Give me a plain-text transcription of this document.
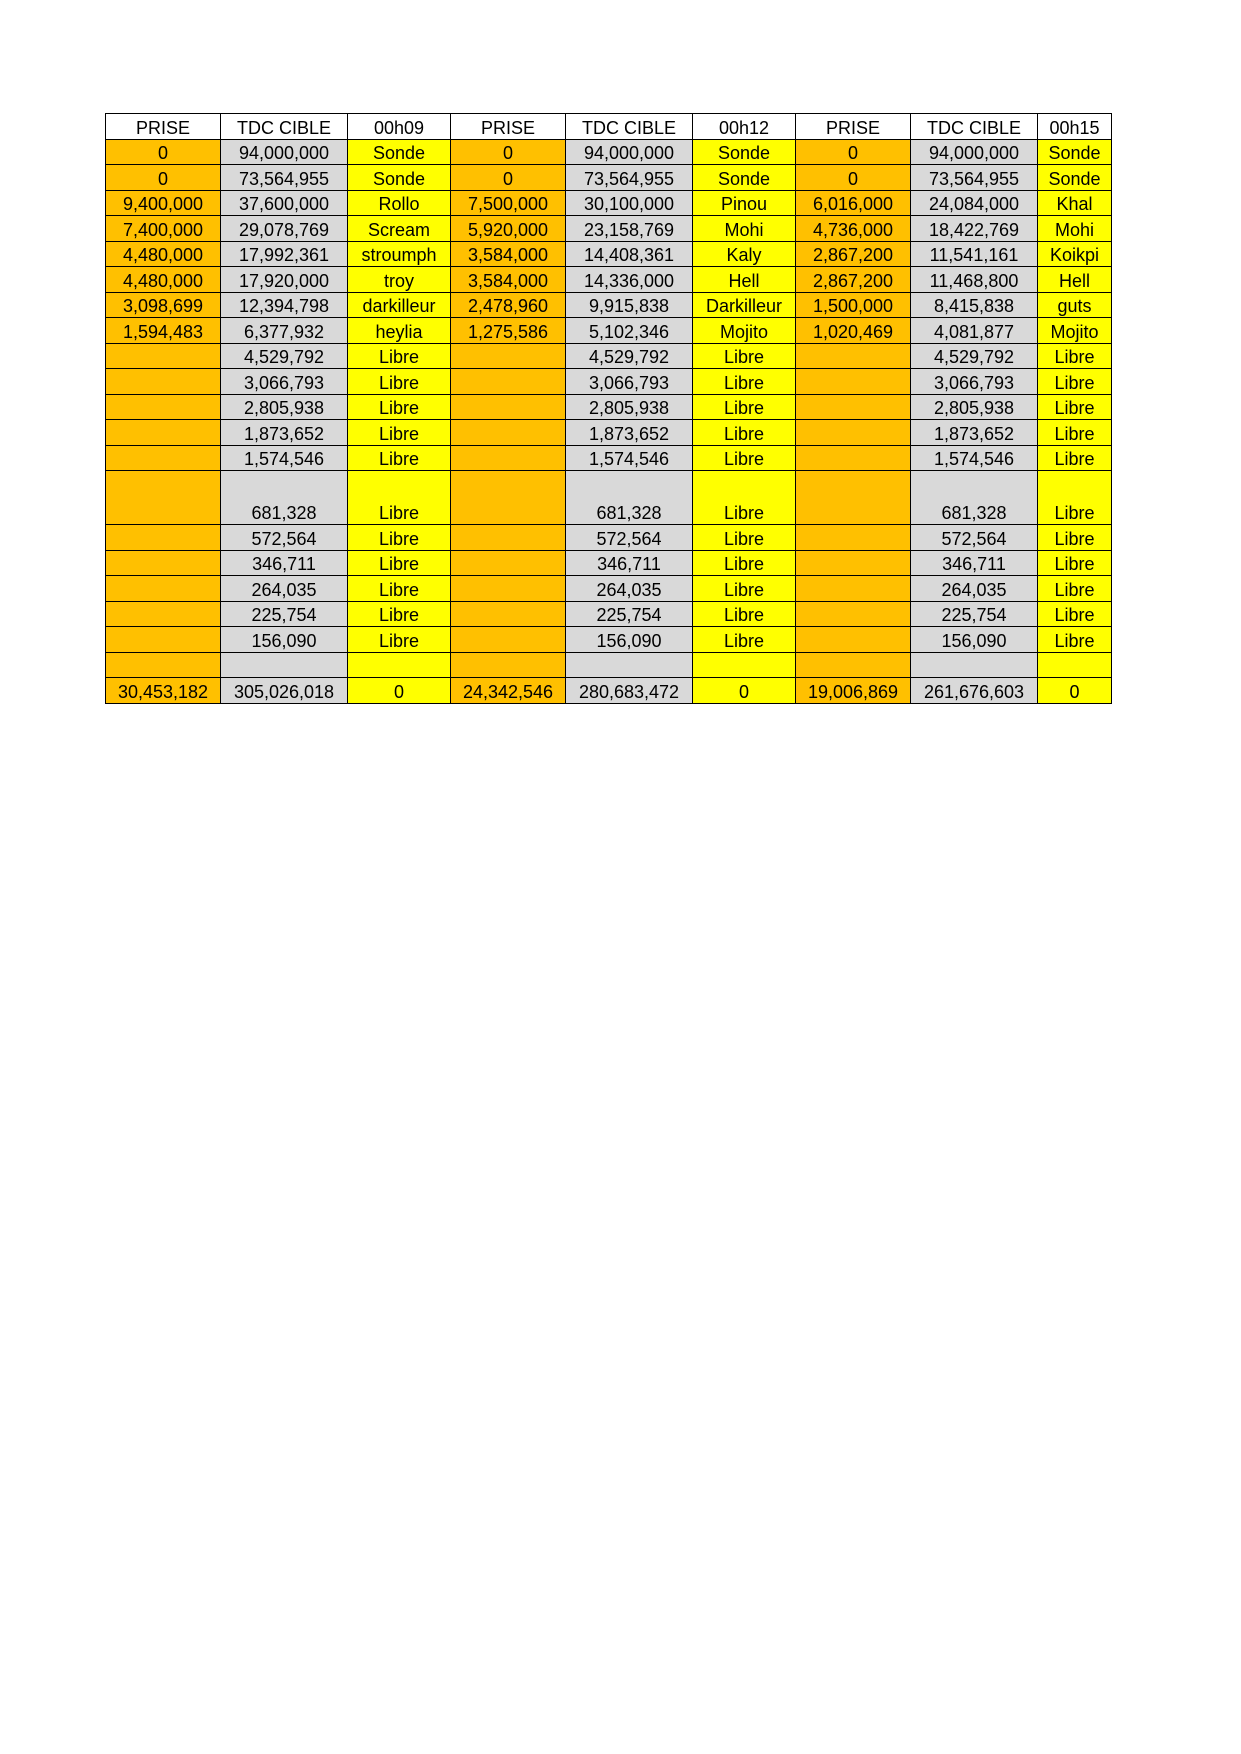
PRISE	TDC CIBLE	00h09	PRISE	TDC CIBLE	00h12	PRISE	TDC CIBLE	00h15
0	94,000,000	Sonde	0	94,000,000	Sonde	0	94,000,000	Sonde
0	73,564,955	Sonde	0	73,564,955	Sonde	0	73,564,955	Sonde
9,400,000	37,600,000	Rollo	7,500,000	30,100,000	Pinou	6,016,000	24,084,000	Khal
7,400,000	29,078,769	Scream	5,920,000	23,158,769	Mohi	4,736,000	18,422,769	Mohi
4,480,000	17,992,361	stroumph	3,584,000	14,408,361	Kaly	2,867,200	11,541,161	Koikpi
4,480,000	17,920,000	troy	3,584,000	14,336,000	Hell	2,867,200	11,468,800	Hell
3,098,699	12,394,798	darkilleur	2,478,960	9,915,838	Darkilleur	1,500,000	8,415,838	guts
1,594,483	6,377,932	heylia	1,275,586	5,102,346	Mojito	1,020,469	4,081,877	Mojito
	4,529,792	Libre		4,529,792	Libre		4,529,792	Libre
	3,066,793	Libre		3,066,793	Libre		3,066,793	Libre
	2,805,938	Libre		2,805,938	Libre		2,805,938	Libre
	1,873,652	Libre		1,873,652	Libre		1,873,652	Libre
	1,574,546	Libre		1,574,546	Libre		1,574,546	Libre
	681,328	Libre		681,328	Libre		681,328	Libre
	572,564	Libre		572,564	Libre		572,564	Libre
	346,711	Libre		346,711	Libre		346,711	Libre
	264,035	Libre		264,035	Libre		264,035	Libre
	225,754	Libre		225,754	Libre		225,754	Libre
	156,090	Libre		156,090	Libre		156,090	Libre

30,453,182	305,026,018	0	24,342,546	280,683,472	0	19,006,869	261,676,603	0
